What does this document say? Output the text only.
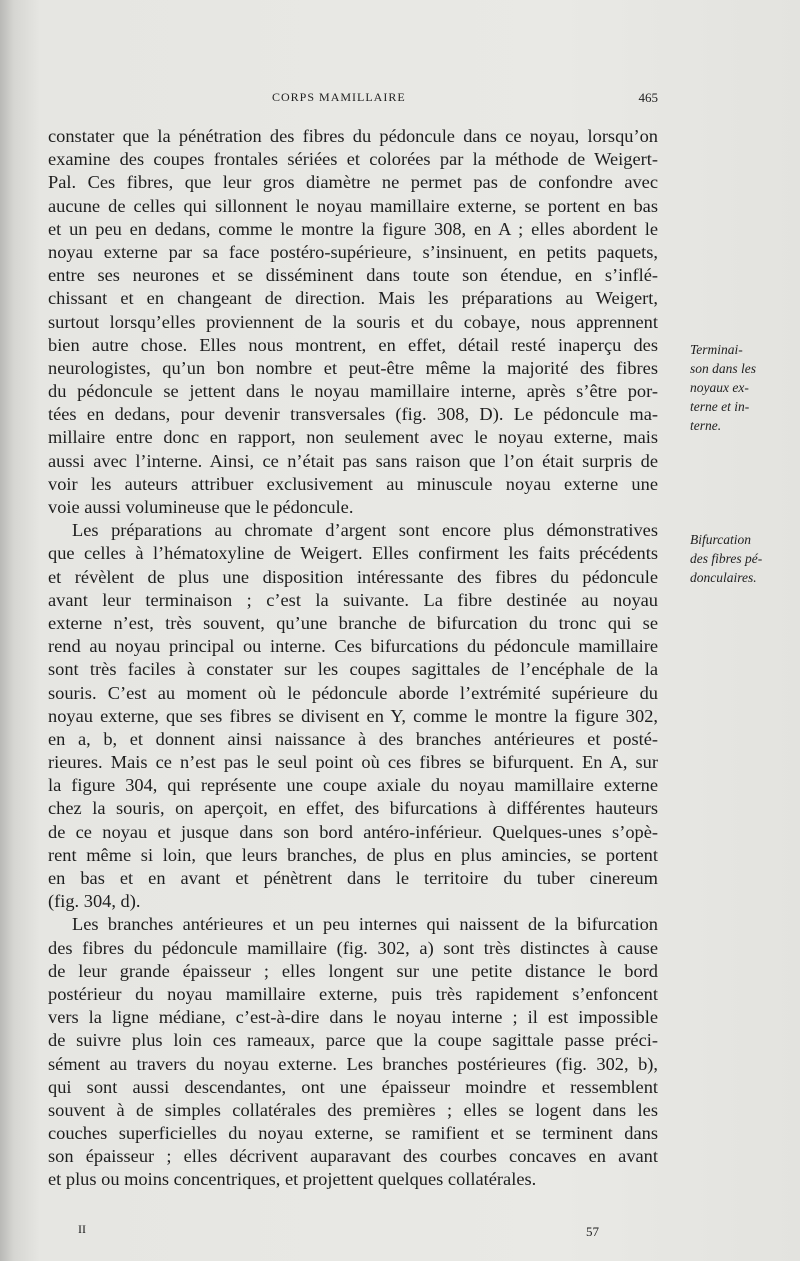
CORPS MAMILLAIRE	465
constater que la pénétration des fibres du pédoncule dans ce noyau, lorsqu’on
examine des coupes frontales sériées et colorées par la méthode de Weigert-
Pal. Ces fibres, que leur gros diamètre ne permet pas de confondre avec
aucune de celles qui sillonnent le noyau mamillaire externe, se portent en bas
et un peu en dedans, comme le montre la figure 308, en A ; elles abordent le
noyau externe par sa face postéro-supérieure, s’insinuent, en petits paquets,
entre ses neurones et se disséminent dans toute son étendue, en s’inflé-
chissant et en changeant de direction. Mais les préparations au Weigert,
surtout lorsqu’elles proviennent de la souris et du cobaye, nous apprennent
bien autre chose. Elles nous montrent, en effet, détail resté inaperçu des
neurologistes, qu’un bon nombre et peut-être même la majorité des fibres
du pédoncule se jettent dans le noyau mamillaire interne, après s’être por-
tées en dedans, pour devenir transversales (fig. 308, D). Le pédoncule ma-
millaire entre donc en rapport, non seulement avec le noyau externe, mais
aussi avec l’interne. Ainsi, ce n’était pas sans raison que l’on était surpris de
voir les auteurs attribuer exclusivement au minuscule noyau externe une
voie aussi volumineuse que le pédoncule.
Les préparations au chromate d’argent sont encore plus démonstratives
que celles à l’hématoxyline de Weigert. Elles confirment les faits précédents
et révèlent de plus une disposition intéressante des fibres du pédoncule
avant leur terminaison ; c’est la suivante. La fibre destinée au noyau
externe n’est, très souvent, qu’une branche de bifurcation du tronc qui se
rend au noyau principal ou interne. Ces bifurcations du pédoncule mamillaire
sont très faciles à constater sur les coupes sagittales de l’encéphale de la
souris. C’est au moment où le pédoncule aborde l’extrémité supérieure du
noyau externe, que ses fibres se divisent en Y, comme le montre la figure 302,
en a, b, et donnent ainsi naissance à des branches antérieures et posté-
rieures. Mais ce n’est pas le seul point où ces fibres se bifurquent. En A, sur
la figure 304, qui représente une coupe axiale du noyau mamillaire externe
chez la souris, on aperçoit, en effet, des bifurcations à différentes hauteurs
de ce noyau et jusque dans son bord antéro-inférieur. Quelques-unes s’opè-
rent même si loin, que leurs branches, de plus en plus amincies, se portent
en bas et en avant et pénètrent dans le territoire du tuber cinereum
(fig. 304, d).
Les branches antérieures et un peu internes qui naissent de la bifurcation
des fibres du pédoncule mamillaire (fig. 302, a) sont très distinctes à cause
de leur grande épaisseur ; elles longent sur une petite distance le bord
postérieur du noyau mamillaire externe, puis très rapidement s’enfoncent
vers la ligne médiane, c’est-à-dire dans le noyau interne ; il est impossible
de suivre plus loin ces rameaux, parce que la coupe sagittale passe préci-
sément au travers du noyau externe. Les branches postérieures (fig. 302, b),
qui sont aussi descendantes, ont une épaisseur moindre et ressemblent
souvent à de simples collatérales des premières ; elles se logent dans les
couches superficielles du noyau externe, se ramifient et se terminent dans
son épaisseur ; elles décrivent auparavant des courbes concaves en avant
et plus ou moins concentriques, et projettent quelques collatérales.
Terminai-
son dans les
noyaux ex-
terne et in-
terne.
Bifurcation
des fibres pé-
donculaires.
II	57
